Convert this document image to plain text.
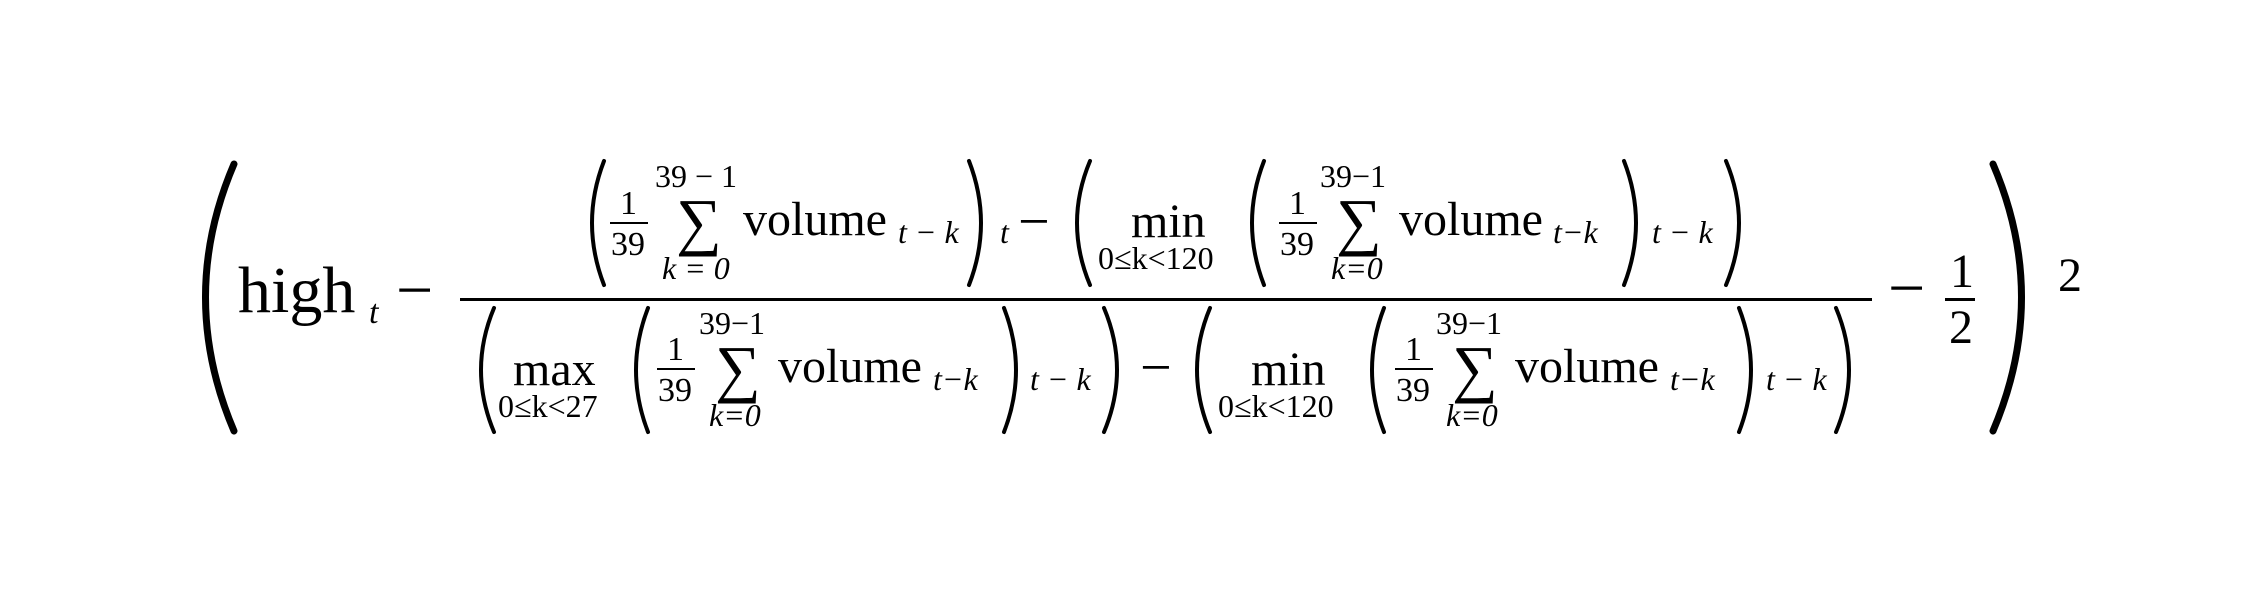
2
high t −
1
39
39 − 1
∑
k = 0
volume t − k t − min
0≤k<120
1
39
39−1
∑
k=0
volume t−k t − k
max
0≤k<27
1
39
39−1
∑
k=0
volume t−k t − k − min
0≤k<120
1
39
39−1
∑
k=0
volume t−k t − k
− 1
2
